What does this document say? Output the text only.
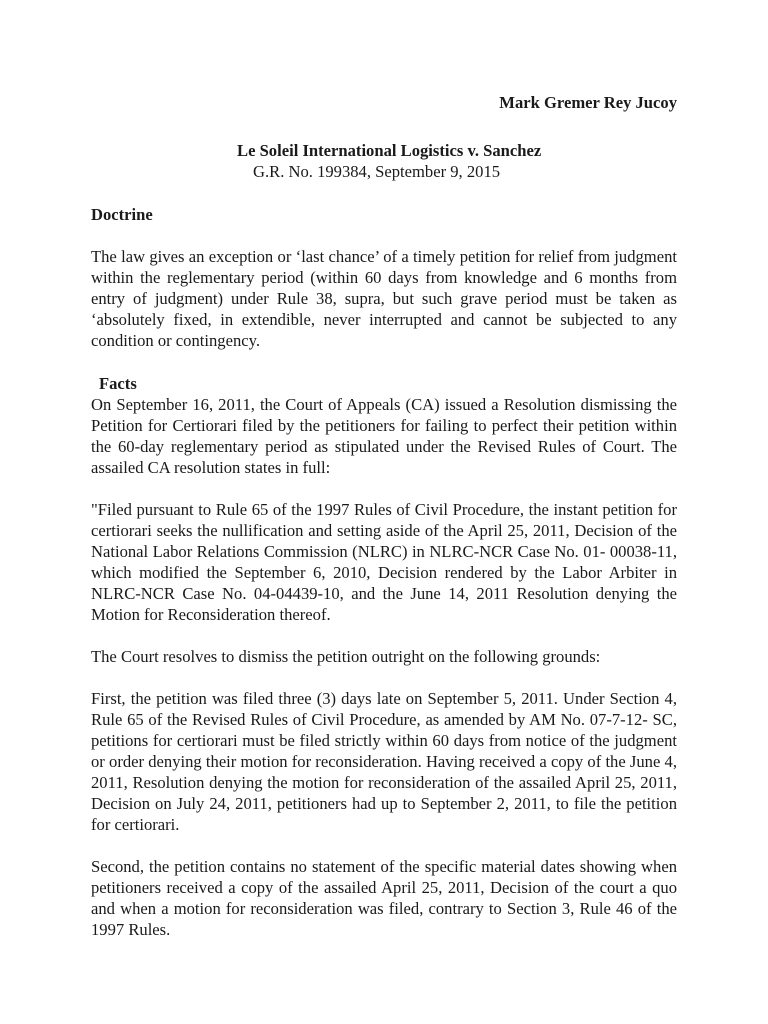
Mark Gremer Rey Jucoy

Le Soleil International Logistics v. Sanchez

G.R. No. 199384, September 9, 2015

Doctrine

The law gives an exception or ‘last chance’ of a timely petition for relief from judgment within the reglementary period (within 60 days from knowledge and 6 months from entry of judgment) under Rule 38, supra, but such grave period must be taken as ‘absolutely fixed, in extendible, never interrupted and cannot be subjected to any condition or contingency.

Facts

On September 16, 2011, the Court of Appeals (CA) issued a Resolution dismissing the Petition for Certiorari filed by the petitioners for failing to perfect their petition within the 60-day reglementary period as stipulated under the Revised Rules of Court. The assailed CA resolution states in full:

"Filed pursuant to Rule 65 of the 1997 Rules of Civil Procedure, the instant petition for certiorari seeks the nullification and setting aside of the April 25, 2011, Decision of the National Labor Relations Commission (NLRC) in NLRC-NCR Case No. 01- 00038-11, which modified the September 6, 2010, Decision rendered by the Labor Arbiter in NLRC-NCR Case No. 04-04439-10, and the June 14, 2011 Resolution denying the Motion for Reconsideration thereof.

The Court resolves to dismiss the petition outright on the following grounds:

First, the petition was filed three (3) days late on September 5, 2011. Under Section 4, Rule 65 of the Revised Rules of Civil Procedure, as amended by AM No. 07-7-12- SC, petitions for certiorari must be filed strictly within 60 days from notice of the judgment or order denying their motion for reconsideration. Having received a copy of the June 4, 2011, Resolution denying the motion for reconsideration of the assailed April 25, 2011, Decision on July 24, 2011, petitioners had up to September 2, 2011, to file the petition for certiorari.

Second, the petition contains no statement of the specific material dates showing when petitioners received a copy of the assailed April 25, 2011, Decision of the court a quo and when a motion for reconsideration was filed, contrary to Section 3, Rule 46 of the 1997 Rules.
